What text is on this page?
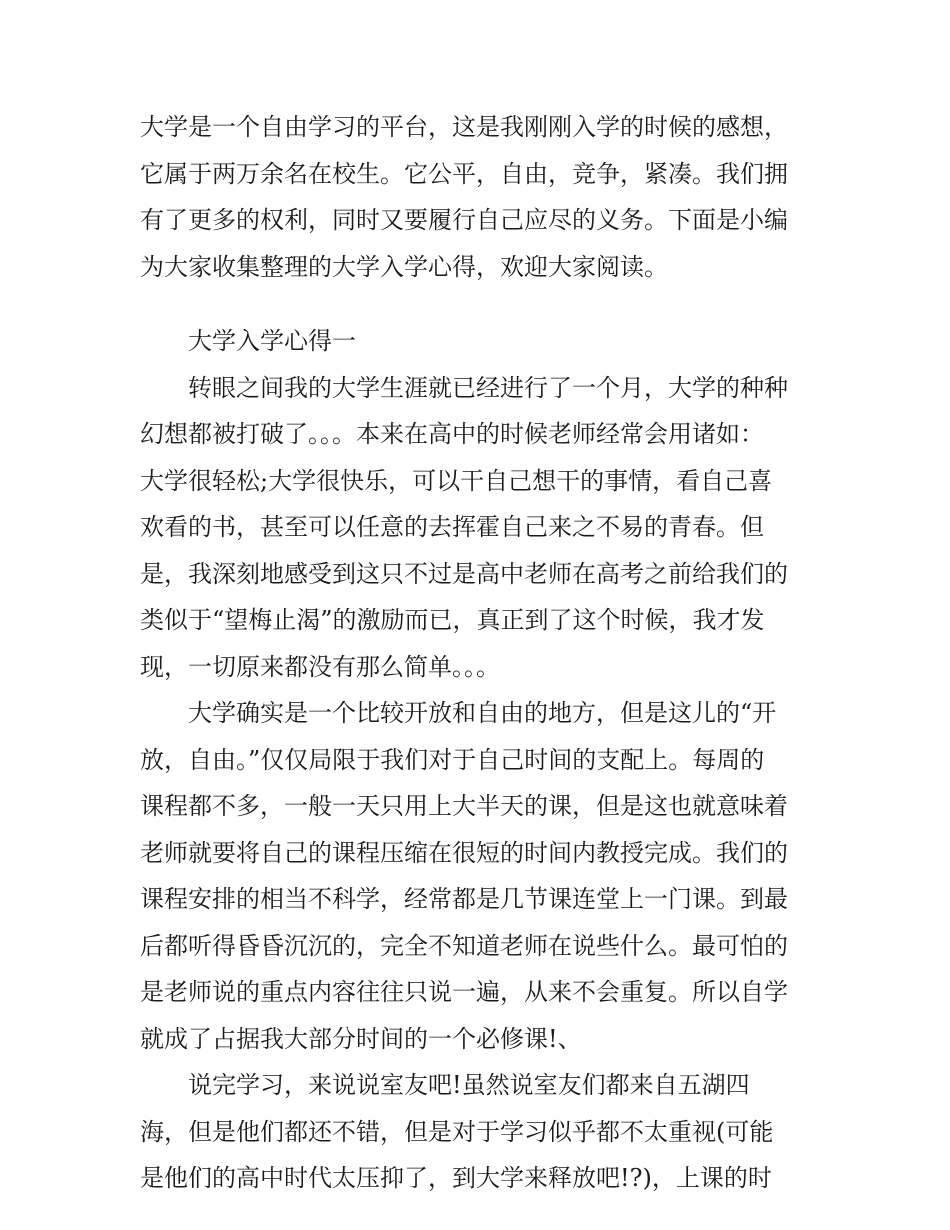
大学是一个自由学习的平台，这是我刚刚入学的时候的感想，
它属于两万余名在校生。它公平，自由，竞争，紧凑。我们拥
有了更多的权利，同时又要履行自己应尽的义务。下面是小编
为大家收集整理的大学入学心得，欢迎大家阅读。
大学入学心得一
转眼之间我的大学生涯就已经进行了一个月，大学的种种
幻想都被打破了。。。本来在高中的时候老师经常会用诸如：
大学很轻松;大学很快乐，可以干自己想干的事情，看自己喜
欢看的书，甚至可以任意的去挥霍自己来之不易的青春。但
是，我深刻地感受到这只不过是高中老师在高考之前给我们的
类似于“望梅止渴”的激励而已，真正到了这个时候，我才发
现，一切原来都没有那么简单。。。
大学确实是一个比较开放和自由的地方，但是这儿的“开
放，自由。”仅仅局限于我们对于自己时间的支配上。每周的
课程都不多，一般一天只用上大半天的课，但是这也就意味着
老师就要将自己的课程压缩在很短的时间内教授完成。我们的
课程安排的相当不科学，经常都是几节课连堂上一门课。到最
后都听得昏昏沉沉的，完全不知道老师在说些什么。最可怕的
是老师说的重点内容往往只说一遍，从来不会重复。所以自学
就成了占据我大部分时间的一个必修课!、
说完学习，来说说室友吧!虽然说室友们都来自五湖四
海，但是他们都还不错，但是对于学习似乎都不太重视(可能
是他们的高中时代太压抑了，到大学来释放吧!?)，上课的时
